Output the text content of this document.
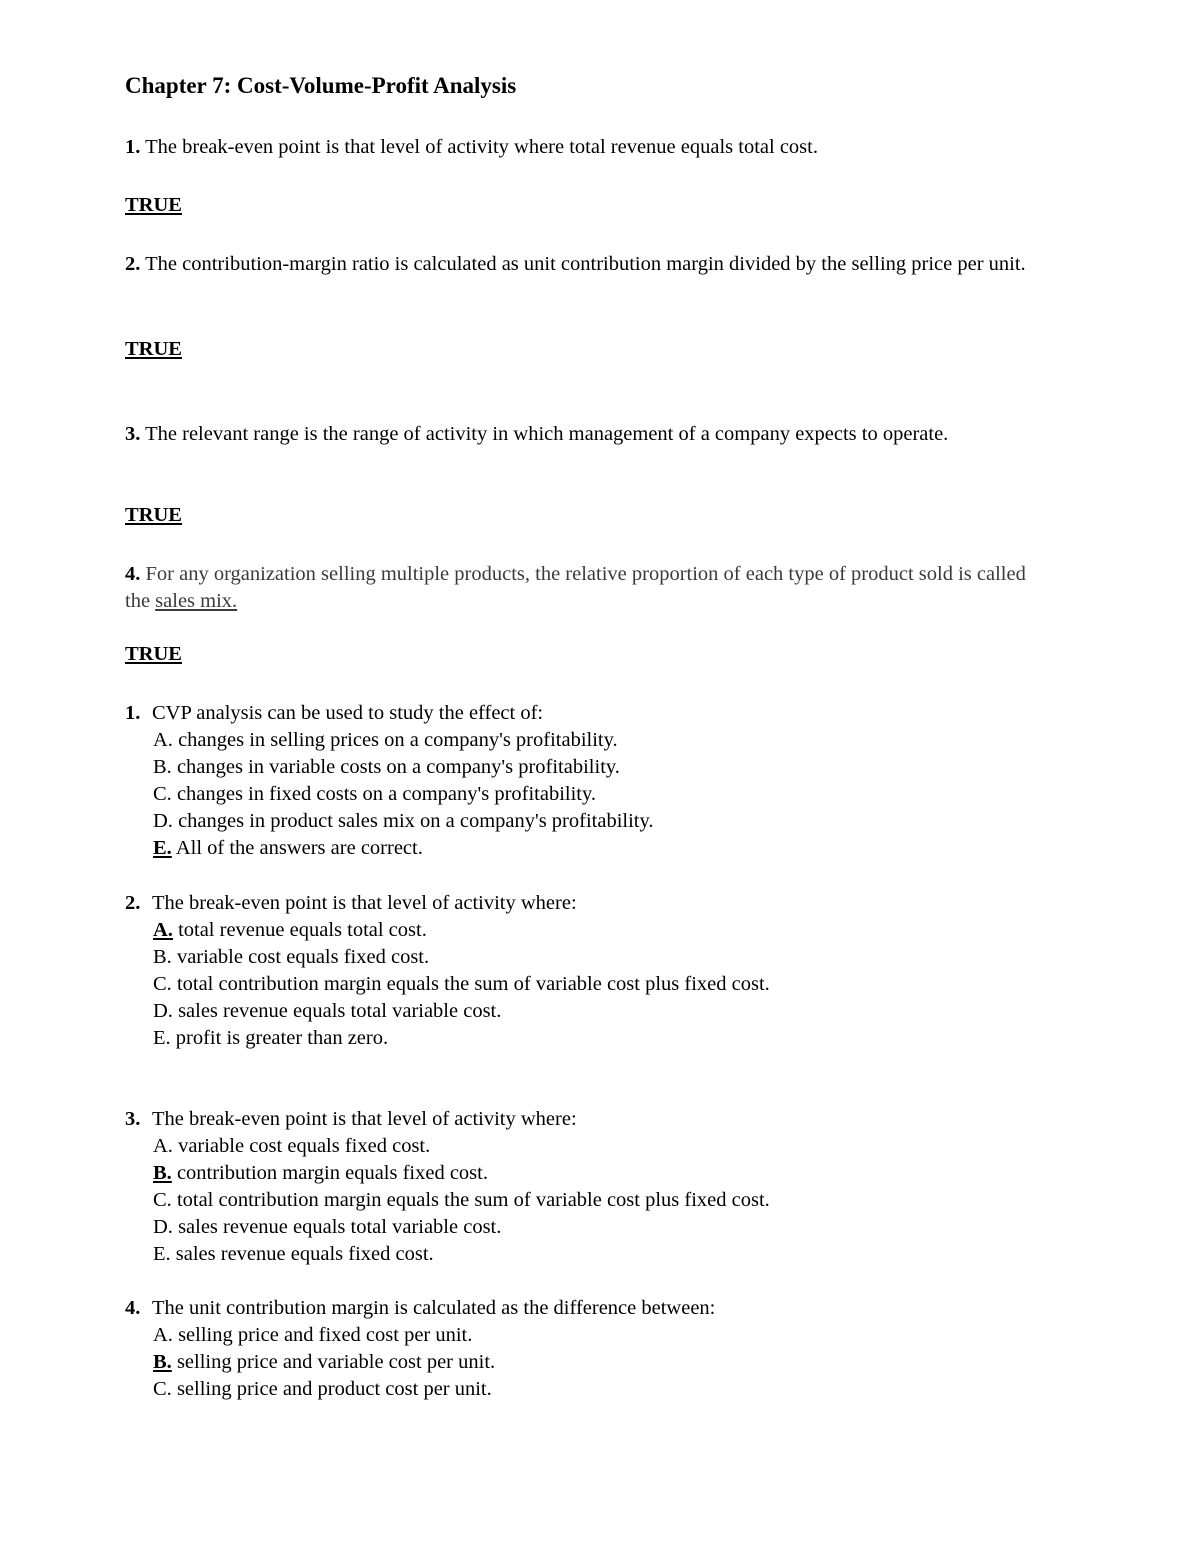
Chapter 7: Cost-Volume-Profit Analysis

1. The break-even point is that level of activity where total revenue equals total cost.

TRUE

2. The contribution-margin ratio is calculated as unit contribution margin divided by the selling price per unit.

TRUE

3. The relevant range is the range of activity in which management of a company expects to operate.

TRUE

4. For any organization selling multiple products, the relative proportion of each type of product sold is called the sales mix.

TRUE

1. CVP analysis can be used to study the effect of:
A. changes in selling prices on a company's profitability.
B. changes in variable costs on a company's profitability.
C. changes in fixed costs on a company's profitability.
D. changes in product sales mix on a company's profitability.
E. All of the answers are correct.
2. The break-even point is that level of activity where:
A. total revenue equals total cost.
B. variable cost equals fixed cost.
C. total contribution margin equals the sum of variable cost plus fixed cost.
D. sales revenue equals total variable cost.
E. profit is greater than zero.
3. The break-even point is that level of activity where:
A. variable cost equals fixed cost.
B. contribution margin equals fixed cost.
C. total contribution margin equals the sum of variable cost plus fixed cost.
D. sales revenue equals total variable cost.
E. sales revenue equals fixed cost.
4. The unit contribution margin is calculated as the difference between:
A. selling price and fixed cost per unit.
B. selling price and variable cost per unit.
C. selling price and product cost per unit.
